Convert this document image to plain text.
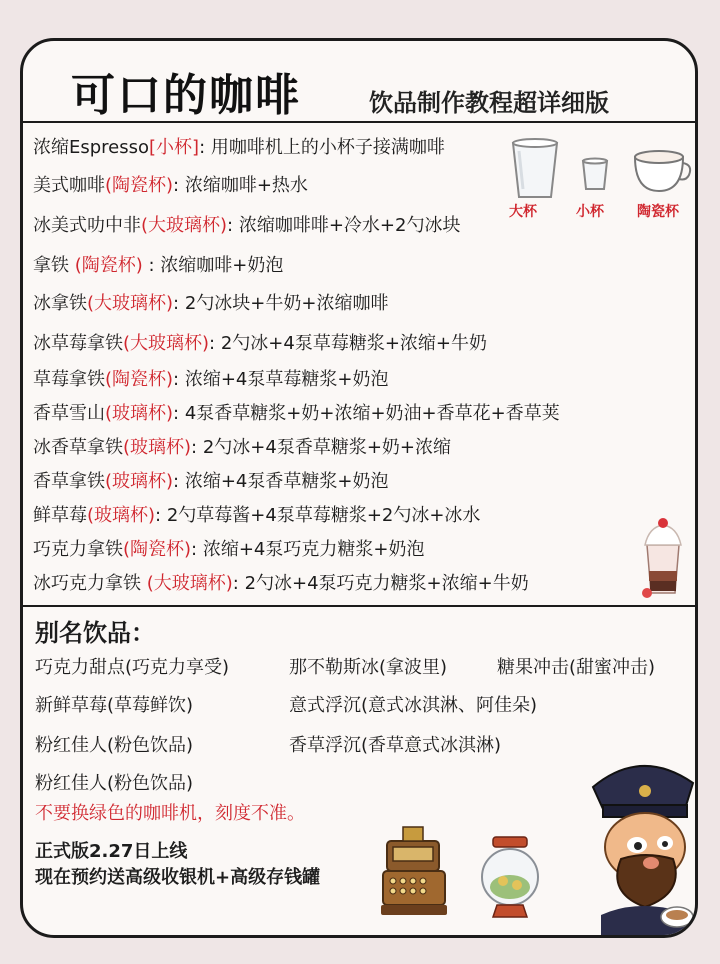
可口的咖啡	饮品制作教程超详细版
浓缩Espresso[小杯]: 用咖啡机上的小杯子接满咖啡
美式咖啡(陶瓷杯): 浓缩咖啡+热水
冰美式叻中非(大玻璃杯): 浓缩咖啡啡+冷水+2勺冰块
拿铁 (陶瓷杯) : 浓缩咖啡+奶泡
冰拿铁(大玻璃杯): 2勺冰块+牛奶+浓缩咖啡
冰草莓拿铁(大玻璃杯): 2勺冰+4泵草莓糖浆+浓缩+牛奶
草莓拿铁(陶瓷杯): 浓缩+4泵草莓糖浆+奶泡
香草雪山(玻璃杯): 4泵香草糖浆+奶+浓缩+奶油+香草花+香草荚
冰香草拿铁(玻璃杯): 2勺冰+4泵香草糖浆+奶+浓缩
香草拿铁(玻璃杯): 浓缩+4泵香草糖浆+奶泡
鲜草莓(玻璃杯): 2勺草莓酱+4泵草莓糖浆+2勺冰+冰水
巧克力拿铁(陶瓷杯): 浓缩+4泵巧克力糖浆+奶泡
冰巧克力拿铁 (大玻璃杯): 2勺冰+4泵巧克力糖浆+浓缩+牛奶
大杯	小杯 陶瓷杯
别名饮品：
巧克力甜点(巧克力享受)	那不勒斯冰(拿波里)	糖果冲击(甜蜜冲击)
新鲜草莓(草莓鲜饮)	意式浮沉(意式冰淇淋、阿佳朵)
粉红佳人(粉色饮品)	香草浮沉(香草意式冰淇淋)
粉红佳人(粉色饮品)
不要换绿色的咖啡机，刻度不准。
正式版2.27日上线
现在预约送高级收银机+高级存钱罐
